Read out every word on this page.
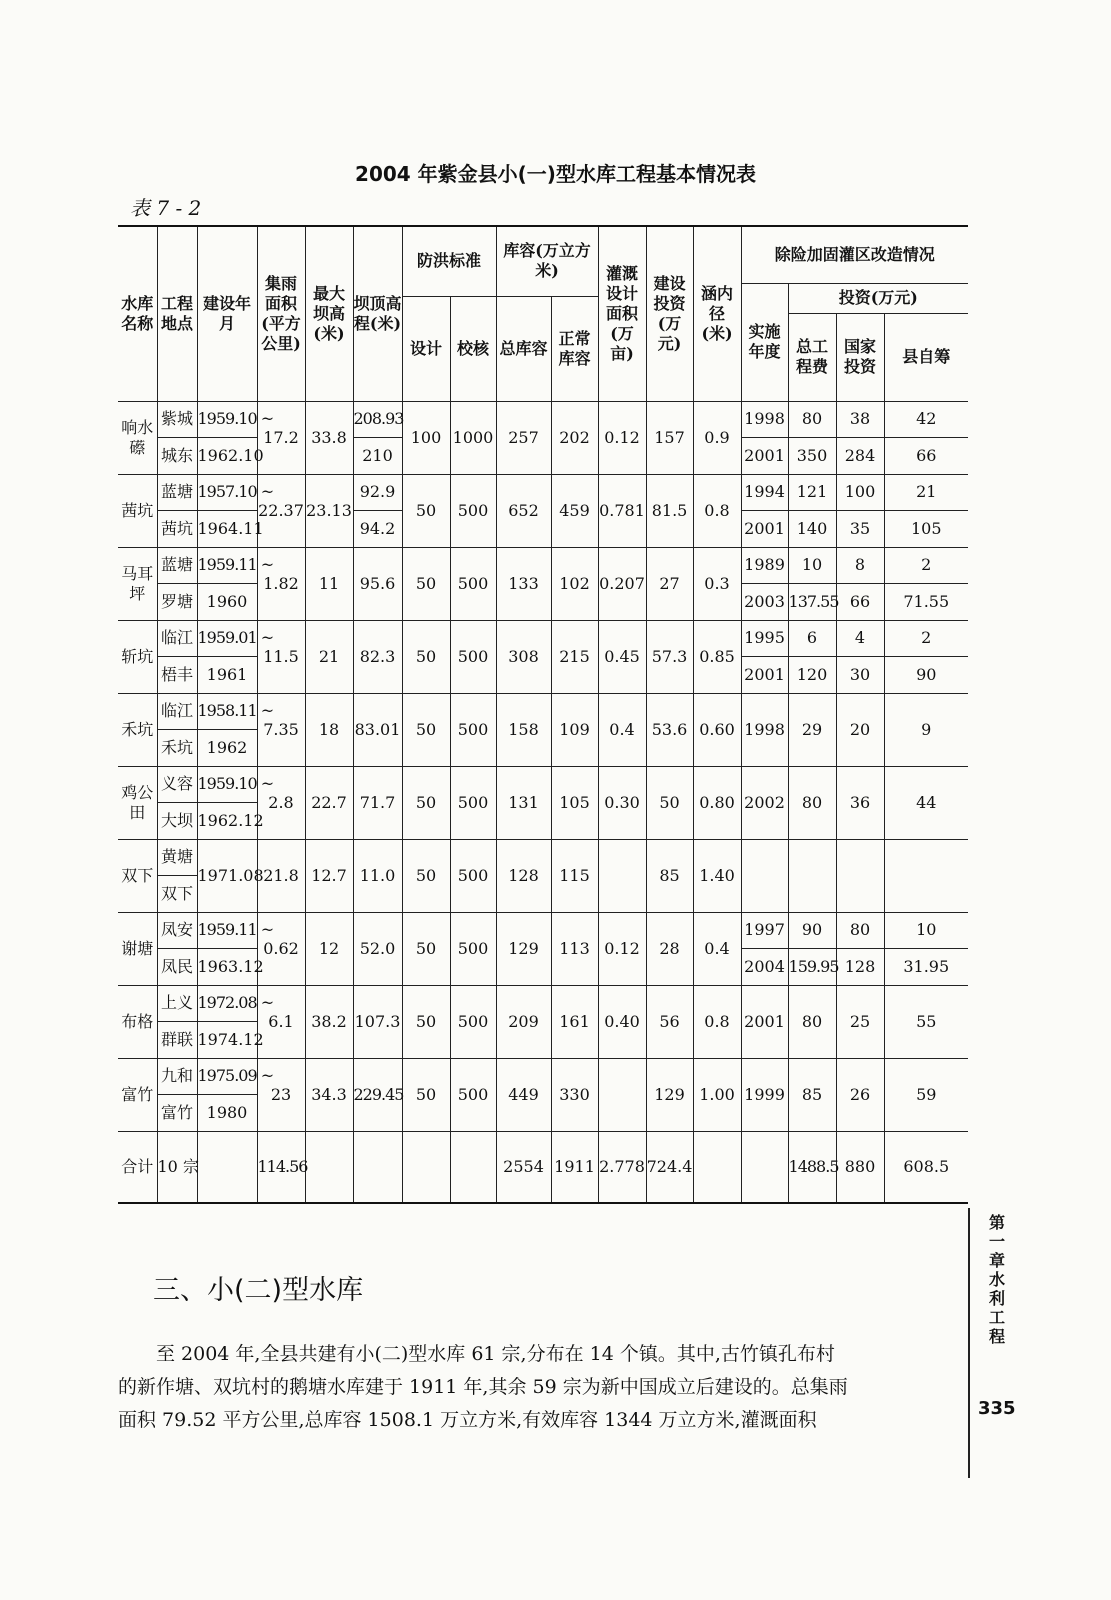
2004 年紫金县小(一)型水库工程基本情况表
表 7 - 2
水库名称	工程地点	建设年月	集雨面积(平方公里)	最大坝高(米)	坝顶高程(米)	防洪标准		库容(万立方米)		灌溉设计面积(万亩)	建设投资(万元)	涵内径(米)	除险加固灌区改造情况			
													实施年度	投资(万元)		
						设计	校核	总库容	正常库容							
														总工程费	国家投资	县自筹
响水礤	紫城	1959.10 ~	17.2	33.8	208.93	100	1000	257	202	0.12	157	0.9	1998	80	38	42
	城东	1962.10			210								2001	350	284	66
茜坑	蓝塘	1957.10 ~	22.37	23.13	92.9	50	500	652	459	0.781	81.5	0.8	1994	121	100	21
	茜坑	1964.11			94.2								2001	140	35	105
马耳坪	蓝塘	1959.11 ~	1.82	11	95.6	50	500	133	102	0.207	27	0.3	1989	10	8	2
	罗塘	1960											2003	137.55	66	71.55
斩坑	临江	1959.01 ~	11.5	21	82.3	50	500	308	215	0.45	57.3	0.85	1995	6	4	2
	梧丰	1961											2001	120	30	90
禾坑	临江	1958.11 ~	7.35	18	83.01	50	500	158	109	0.4	53.6	0.60	1998	29	20	9
	禾坑	1962														
鸡公田	义容	1959.10 ~	2.8	22.7	71.7	50	500	131	105	0.30	50	0.80	2002	80	36	44
	大坝	1962.12														
双下	黄塘	1971.08	21.8	12.7	11.0	50	500	128	115		85	1.40				
	双下															
谢塘	凤安	1959.11 ~	0.62	12	52.0	50	500	129	113	0.12	28	0.4	1997	90	80	10
	凤民	1963.12											2004	159.95	128	31.95
布格	上义	1972.08 ~	6.1	38.2	107.3	50	500	209	161	0.40	56	0.8	2001	80	25	55
	群联	1974.12														
富竹	九和	1975.09 ~	23	34.3	229.45	50	500	449	330		129	1.00	1999	85	26	59
	富竹	1980														
合计	10 宗		114.56					2554	1911	2.778	724.4			1488.5	880	608.5
三、小(二)型水库

至 2004 年,全县共建有小(二)型水库 61 宗,分布在 14 个镇。其中,古竹镇孔布村

的新作塘、双坑村的鹅塘水库建于 1911 年,其余 59 宗为新中国成立后建设的。总集雨

面积 79.52 平方公里,总库容 1508.1 万立方米,有效库容 1344 万立方米,灌溉面积

第一章 水利工程
335
